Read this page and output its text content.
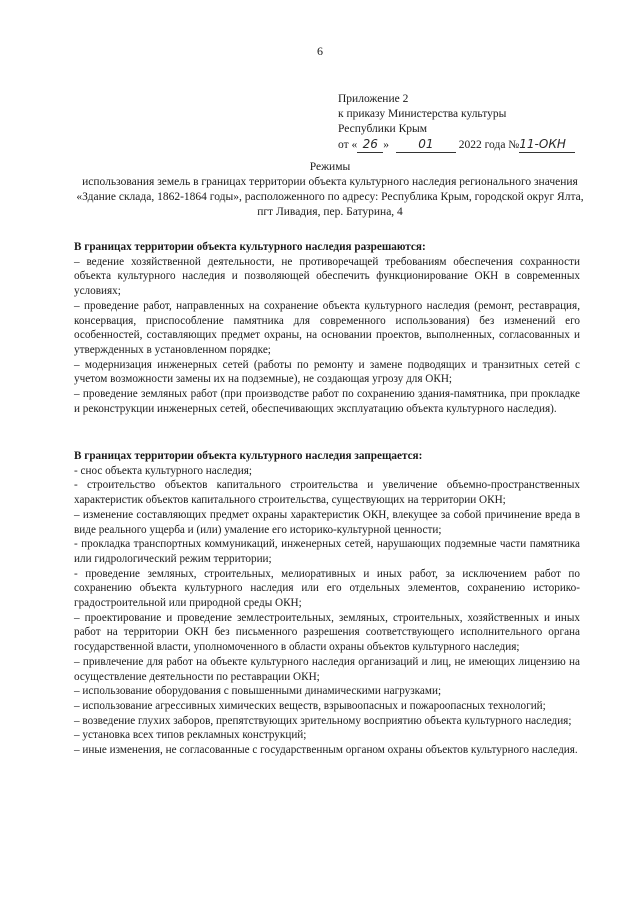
6
Приложение 2
к приказу Министерства культуры
Республики Крым
от « 26 » 01 2022 года №11-ОКН
Режимы
использования земель в границах территории объекта культурного наследия регионального значения «Здание склада, 1862-1864 годы», расположенного по адресу: Республика Крым, городской округ Ялта, пгт Ливадия, пер. Батурина, 4

В границах территории объекта культурного наследия разрешаются:

– ведение хозяйственной деятельности, не противоречащей требованиям обеспечения сохранности объекта культурного наследия и позволяющей обеспечить функционирование ОКН в современных условиях;

– проведение работ, направленных на сохранение объекта культурного наследия (ремонт, реставрация, консервация, приспособление памятника для современного использования) без изменений его особенностей, составляющих предмет охраны, на основании проектов, выполненных, согласованных и утвержденных в установленном порядке;

– модернизация инженерных сетей (работы по ремонту и замене подводящих и транзитных сетей с учетом возможности замены их на подземные), не создающая угрозу для ОКН;

– проведение земляных работ (при производстве работ по сохранению здания-памятника, при прокладке и реконструкции инженерных сетей, обеспечивающих эксплуатацию объекта культурного наследия).

В границах территории объекта культурного наследия запрещается:

- снос объекта культурного наследия;

- строительство объектов капитального строительства и увеличение объемно-пространственных характеристик объектов капитального строительства, существующих на территории ОКН;

– изменение составляющих предмет охраны характеристик ОКН, влекущее за собой причинение вреда в виде реального ущерба и (или) умаление его историко-культурной ценности;

- прокладка транспортных коммуникаций, инженерных сетей, нарушающих подземные части памятника или гидрологический режим территории;

- проведение земляных, строительных, мелиоративных и иных работ, за исключением работ по сохранению объекта культурного наследия или его отдельных элементов, сохранению историко-градостроительной или природной среды ОКН;

– проектирование и проведение землестроительных, земляных, строительных, хозяйственных и иных работ на территории ОКН без письменного разрешения соответствующего исполнительного органа государственной власти, уполномоченного в области охраны объектов культурного наследия;

– привлечение для работ на объекте культурного наследия организаций и лиц, не имеющих лицензию на осуществление деятельности по реставрации ОКН;

– использование оборудования с повышенными динамическими нагрузками;

– использование агрессивных химических веществ, взрывоопасных и пожароопасных технологий;

– возведение глухих заборов, препятствующих зрительному восприятию объекта культурного наследия;

– установка всех типов рекламных конструкций;

– иные изменения, не согласованные с государственным органом охраны объектов культурного наследия.
